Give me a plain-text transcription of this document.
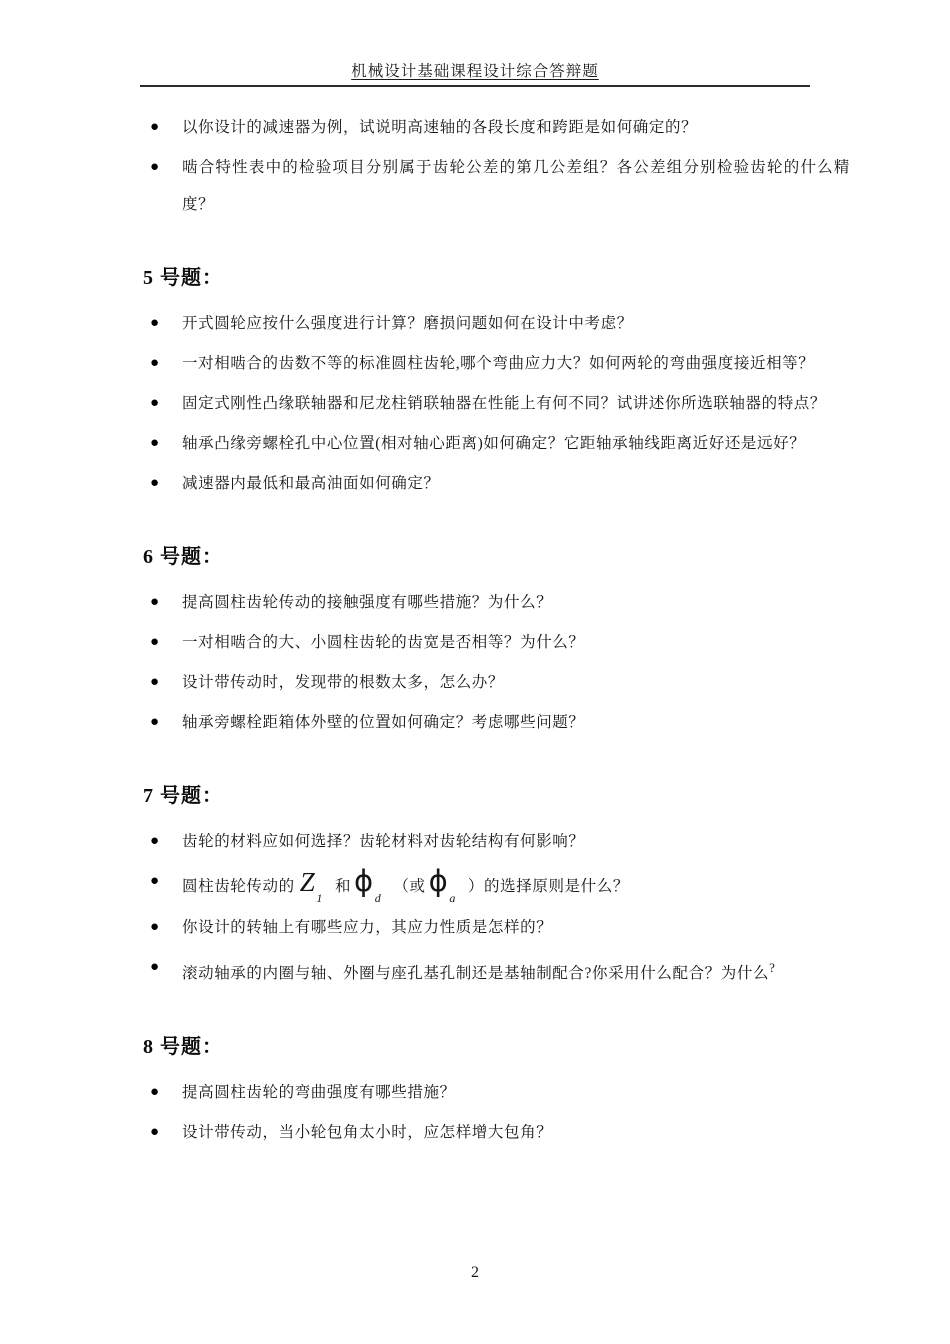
机械设计基础课程设计综合答辩题
●	以你设计的减速器为例，试说明高速轴的各段长度和跨距是如何确定的？
●	啮合特性表中的检验项目分别属于齿轮公差的第几公差组？各公差组分别检验齿轮的什么精度？
5 号题：
●	开式圆轮应按什么强度进行计算？磨损问题如何在设计中考虑？
●	一对相啮合的齿数不等的标准圆柱齿轮,哪个弯曲应力大？如何两轮的弯曲强度接近相等？
●	固定式刚性凸缘联轴器和尼龙柱销联轴器在性能上有何不同？试讲述你所选联轴器的特点？
●	轴承凸缘旁螺栓孔中心位置(相对轴心距离)如何确定？它距轴承轴线距离近好还是远好？
●	减速器内最低和最高油面如何确定？
6 号题：
●	提高圆柱齿轮传动的接触强度有哪些措施？为什么？
●	一对相啮合的大、小圆柱齿轮的齿宽是否相等？为什么？
●	设计带传动时，发现带的根数太多，怎么办？
●	轴承旁螺栓距箱体外壁的位置如何确定？考虑哪些问题？
7 号题：
●	齿轮的材料应如何选择？齿轮材料对齿轮结构有何影响？
●	圆柱齿轮传动的 Z1和 ϕd（或 ϕa）的选择原则是什么？
●	你设计的转轴上有哪些应力，其应力性质是怎样的？
●	滚动轴承的内圈与轴、外圈与座孔基孔制还是基轴制配合?你采用什么配合？为什么?
8 号题：
●	提高圆柱齿轮的弯曲强度有哪些措施？
●	设计带传动，当小轮包角太小时，应怎样增大包角？
2
